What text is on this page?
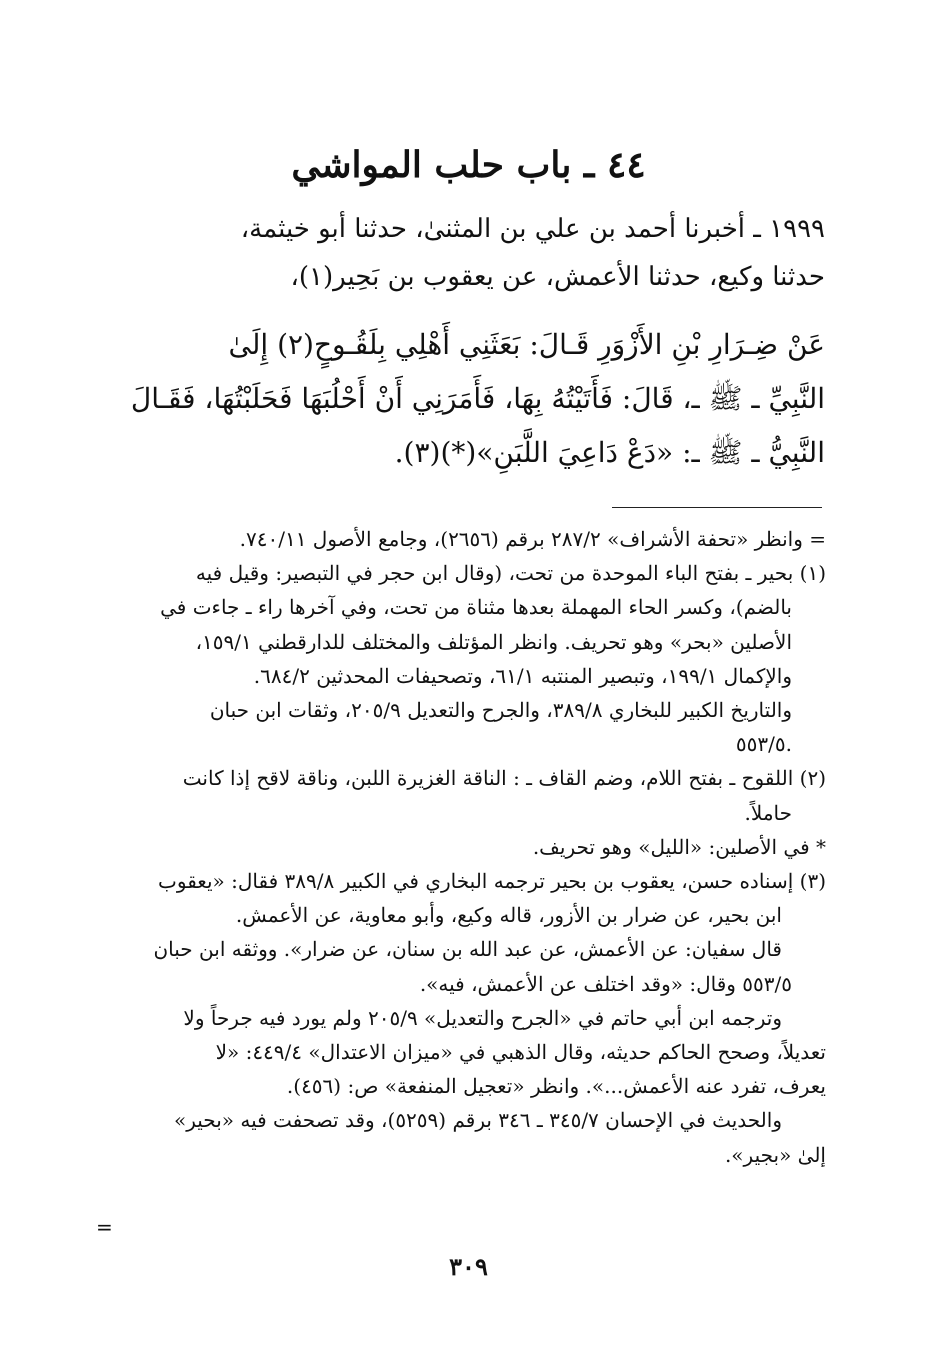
٤٤ ـ باب حلب المواشي
١٩٩٩ ـ أخبرنا أحمد بن علي بن المثنىٰ، حدثنا أبو خيثمة،
حدثنا وكيع، حدثنا الأعمش، عن يعقوب بن بَحِير(١)،
عَنْ ضِـرَارِ بْنِ الأَزْوَرِ قَـالَ: بَعَثَنِي أَهْلِي بِلَقُـوحٍ(٢) إِلَىٰ
النَّبِيِّ ـ ﷺ ـ، قَالَ: فَأَتَيْتُهُ بِهَا، فَأَمَرَنِي أَنْ أَحْلُبَهَا فَحَلَبْتُهَا، فَقَـالَ
النَّبِيُّ ـ ﷺ ـ: «دَعْ دَاعِيَ اللَّبَنِ»(*)(٣).
= وانظر «تحفة الأشراف» ٢٨٧/٢ برقم (٢٦٥٦)، وجامع الأصول ٧٤٠/١١.
(١) بحير ـ بفتح الباء الموحدة من تحت، (وقال ابن حجر في التبصير: وقيل فيه
بالضم)، وكسر الحاء المهملة بعدها مثناة من تحت، وفي آخرها راء ـ جاءت في
الأصلين «بحر» وهو تحريف. وانظر المؤتلف والمختلف للدارقطني ١٥٩/١،
والإكمال ١٩٩/١، وتبصير المنتبه ٦١/١، وتصحيفات المحدثين ٦٨٤/٢.
والتاريخ الكبير للبخاري ٣٨٩/٨، والجرح والتعديل ٢٠٥/٩، وثقات ابن حبان
٥٥٣/٥.
(٢) اللقوح ـ بفتح اللام، وضم القاف ـ : الناقة الغزيرة اللبن، وناقة لاقح إذا كانت
حاملاً.
* في الأصلين: «الليل» وهو تحريف.
(٣) إسناده حسن، يعقوب بن بحير ترجمه البخاري في الكبير ٣٨٩/٨ فقال: «يعقوب
ابن بحير، عن ضرار بن الأزور، قاله وكيع، وأبو معاوية، عن الأعمش.
قال سفيان: عن الأعمش، عن عبد الله بن سنان، عن ضرار». ووثقه ابن حبان
٥٥٣/٥ وقال: «وقد اختلف عن الأعمش، فيه».
وترجمه ابن أبي حاتم في «الجرح والتعديل» ٢٠٥/٩ ولم يورد فيه جرحاً ولا
تعديلاً، وصحح الحاكم حديثه، وقال الذهبي في «ميزان الاعتدال» ٤٤٩/٤: «لا
يعرف، تفرد عنه الأعمش...». وانظر «تعجيل المنفعة» ص: (٤٥٦).
والحديث في الإحسان ٣٤٥/٧ ـ ٣٤٦ برقم (٥٢٥٩)، وقد تصحفت فيه «بحير»
إلىٰ «بجير».
=
٣٠٩
